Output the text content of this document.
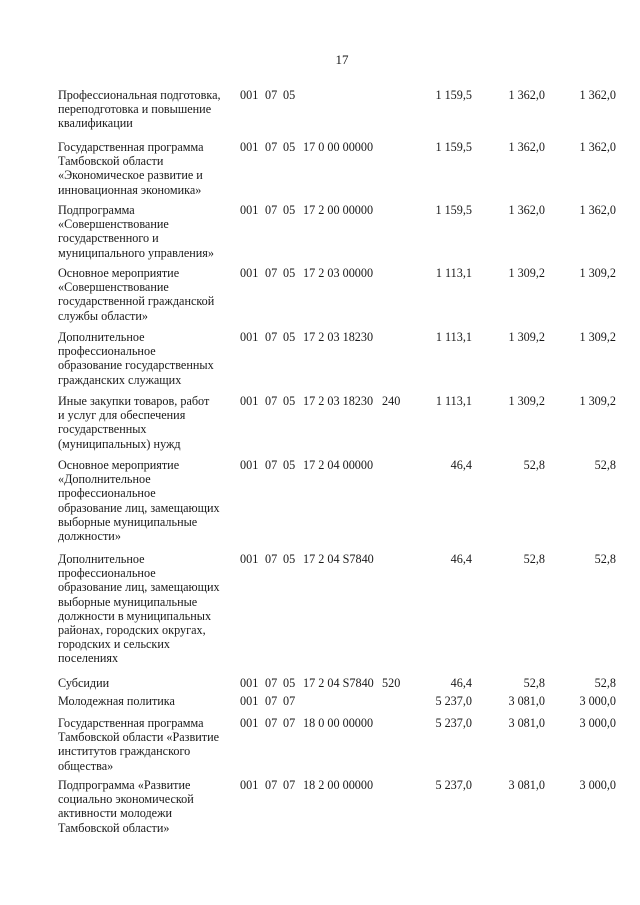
17
Профессиональная подготовка,
переподготовка и повышение
квалификации
001 07 05	1 159,5	1 362,0	1 362,0
Государственная программа
Тамбовской области
«Экономическое развитие и
инновационная экономика»
001 07 05 17 0 00 00000	1 159,5	1 362,0	1 362,0
Подпрограмма
«Совершенствование
государственного и
муниципального управления»
001 07 05 17 2 00 00000	1 159,5	1 362,0	1 362,0
Основное мероприятие
«Совершенствование
государственной гражданской
службы области»
001 07 05 17 2 03 00000	1 113,1	1 309,2	1 309,2
Дополнительное
профессиональное
образование государственных
гражданских служащих
001 07 05 17 2 03 18230	1 113,1	1 309,2	1 309,2
Иные закупки товаров, работ
и услуг для обеспечения
государственных
(муниципальных) нужд
001 07 05 17 2 03 18230 240	1 113,1	1 309,2	1 309,2
Основное мероприятие
«Дополнительное
профессиональное
образование лиц, замещающих
выборные муниципальные
должности»
001 07 05 17 2 04 00000	46,4	52,8	52,8
Дополнительное
профессиональное
образование лиц, замещающих
выборные муниципальные
должности в муниципальных
районах, городских округах,
городских и сельских
поселениях
001 07 05 17 2 04 S7840	46,4	52,8	52,8
Субсидии	001 07 05 17 2 04 S7840 520	46,4	52,8	52,8
Молодежная политика	001 07 07	5 237,0	3 081,0	3 000,0
Государственная программа
Тамбовской области «Развитие
институтов гражданского
общества»
001 07 07 18 0 00 00000	5 237,0	3 081,0	3 000,0
Подпрограмма «Развитие
социально экономической
активности молодежи
Тамбовской области»
001 07 07 18 2 00 00000	5 237,0	3 081,0	3 000,0
